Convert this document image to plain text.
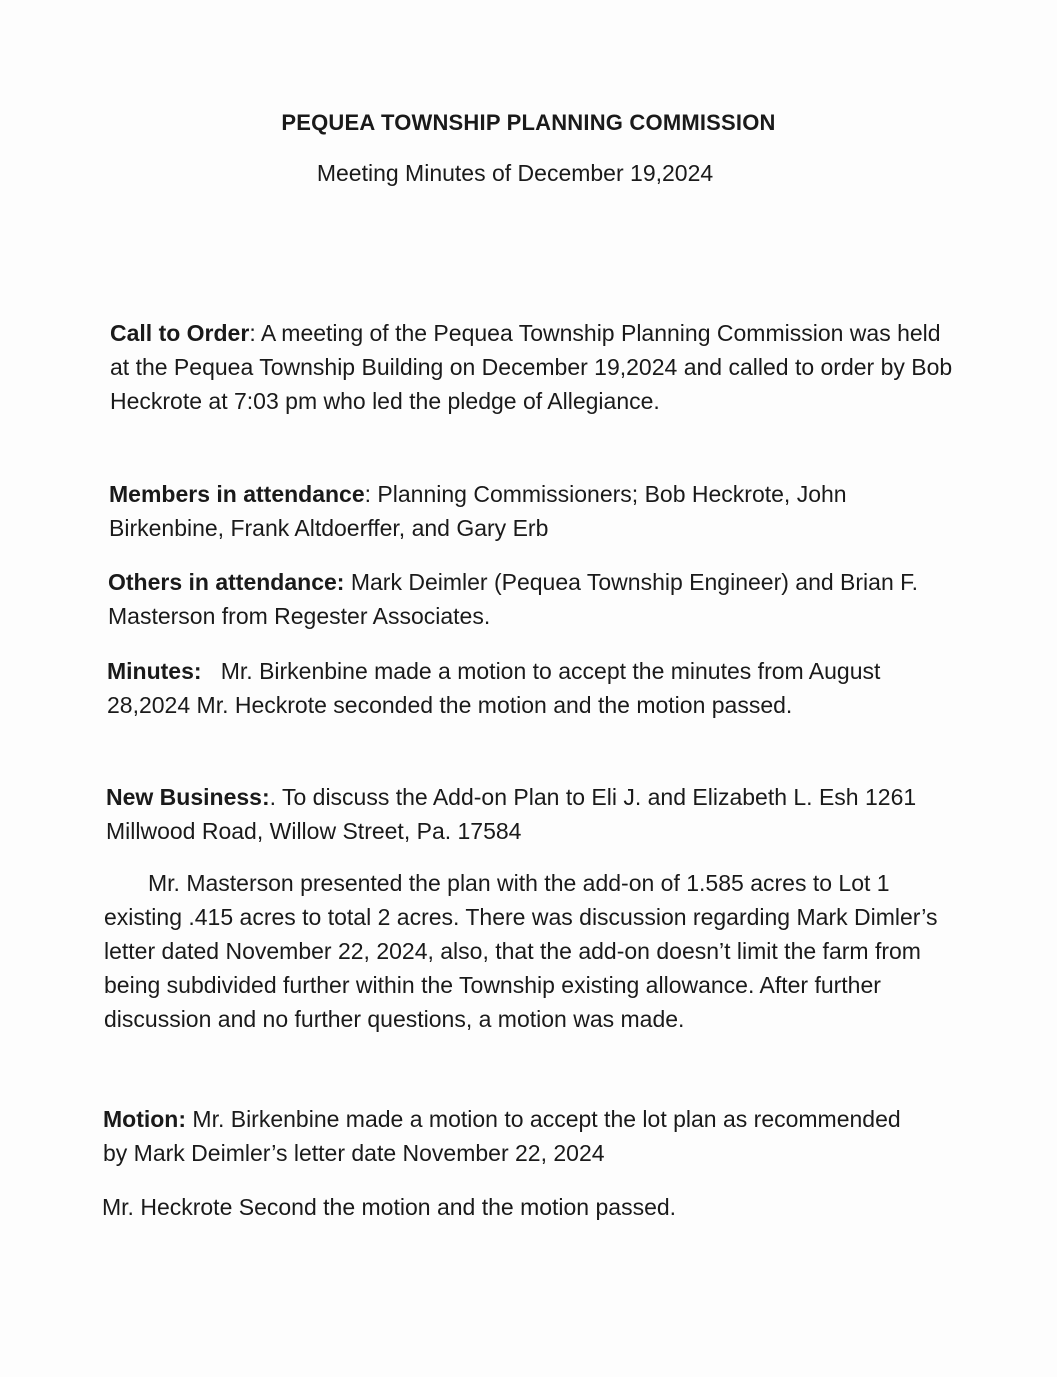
PEQUEA TOWNSHIP PLANNING COMMISSION

Meeting Minutes of December 19,2024

Call to Order: A meeting of the Pequea Township Planning Commission was held at the Pequea Township Building on December 19,2024 and called to order by Bob Heckrote at 7:03 pm who led the pledge of Allegiance.

Members in attendance: Planning Commissioners; Bob Heckrote, John Birkenbine, Frank Altdoerffer, and Gary Erb

Others in attendance: Mark Deimler (Pequea Township Engineer) and Brian F. Masterson from Regester Associates.

Minutes:   Mr. Birkenbine made a motion to accept the minutes from August 28,2024 Mr. Heckrote seconded the motion and the motion passed.

New Business:. To discuss the Add-on Plan to Eli J. and Elizabeth L. Esh 1261 Millwood Road, Willow Street, Pa. 17584

Mr. Masterson presented the plan with the add-on of 1.585 acres to Lot 1 existing .415 acres to total 2 acres. There was discussion regarding Mark Dimler’s letter dated November 22, 2024, also, that the add-on doesn’t limit the farm from being subdivided further within the Township existing allowance. After further discussion and no further questions, a motion was made.

Motion: Mr. Birkenbine made a motion to accept the lot plan as recommended by Mark Deimler’s letter date November 22, 2024

Mr. Heckrote Second the motion and the motion passed.
